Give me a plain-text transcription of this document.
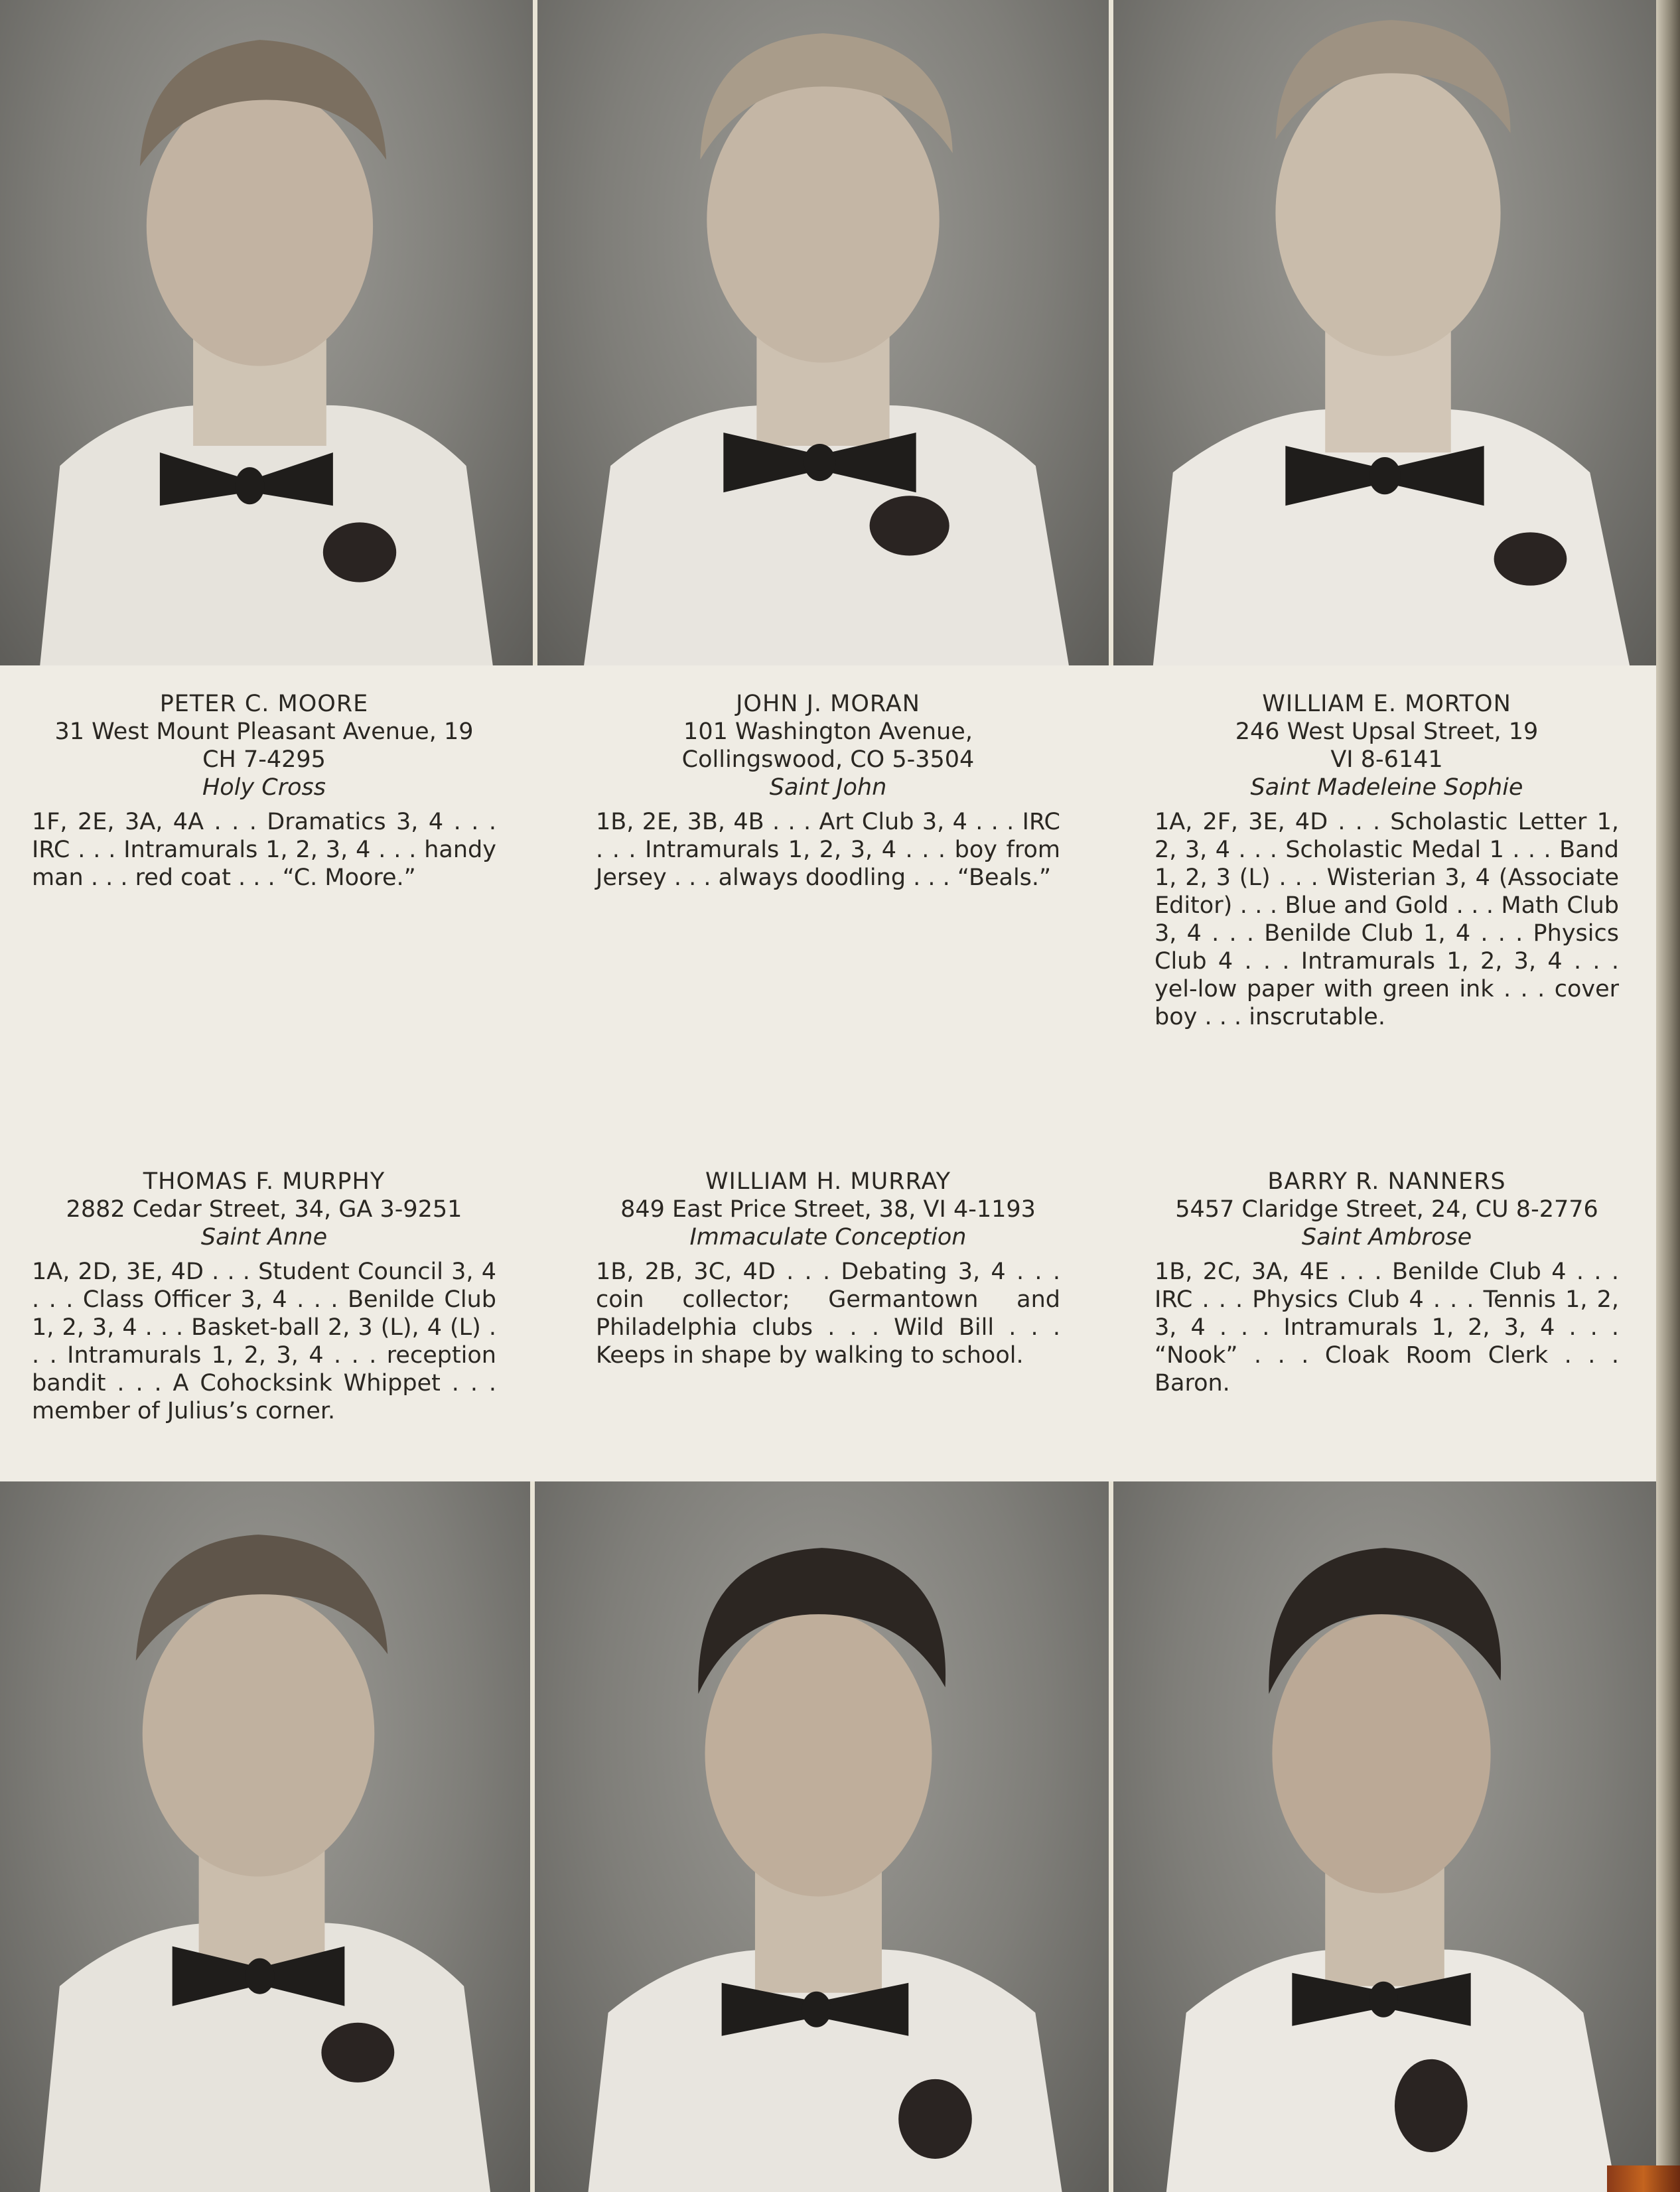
PETER C. MOORE
31 West Mount Pleasant Avenue, 19
CH 7-4295
Holy Cross
1F, 2E, 3A, 4A . . . Dramatics 3, 4 . . . IRC . . . Intramurals 1, 2, 3, 4 . . . handy man . . . red coat . . . “C. Moore.”
JOHN J. MORAN
101 Washington Avenue,
Collingswood, CO 5-3504
Saint John
1B, 2E, 3B, 4B . . . Art Club 3, 4 . . . IRC . . . Intramurals 1, 2, 3, 4 . . . boy from Jersey . . . always doodling . . . “Beals.”
WILLIAM E. MORTON
246 West Upsal Street, 19
VI 8-6141
Saint Madeleine Sophie
1A, 2F, 3E, 4D . . . Scholastic Letter 1, 2, 3, 4 . . . Scholastic Medal 1 . . . Band 1, 2, 3 (L) . . . Wisterian 3, 4 (Associate Editor) . . . Blue and Gold . . . Math Club 3, 4 . . . Benilde Club 1, 4 . . . Physics Club 4 . . . Intramurals 1, 2, 3, 4 . . . yel-low paper with green ink . . . cover boy . . . inscrutable.
THOMAS F. MURPHY
2882 Cedar Street, 34, GA 3-9251
Saint Anne
1A, 2D, 3E, 4D . . . Student Council 3, 4 . . . Class Officer 3, 4 . . . Benilde Club 1, 2, 3, 4 . . . Basket-ball 2, 3 (L), 4 (L) . . . Intramurals 1, 2, 3, 4 . . . reception bandit . . . A Cohocksink Whippet . . . member of Julius’s corner.
WILLIAM H. MURRAY
849 East Price Street, 38, VI 4-1193
Immaculate Conception
1B, 2B, 3C, 4D . . . Debating 3, 4 . . . coin collector; Germantown and Philadelphia clubs . . . Wild Bill . . . Keeps in shape by walking to school.
BARRY R. NANNERS
5457 Claridge Street, 24, CU 8-2776
Saint Ambrose
1B, 2C, 3A, 4E . . . Benilde Club 4 . . . IRC . . . Physics Club 4 . . . Tennis 1, 2, 3, 4 . . . Intramurals 1, 2, 3, 4 . . . “Nook” . . . Cloak Room Clerk . . . Baron.
